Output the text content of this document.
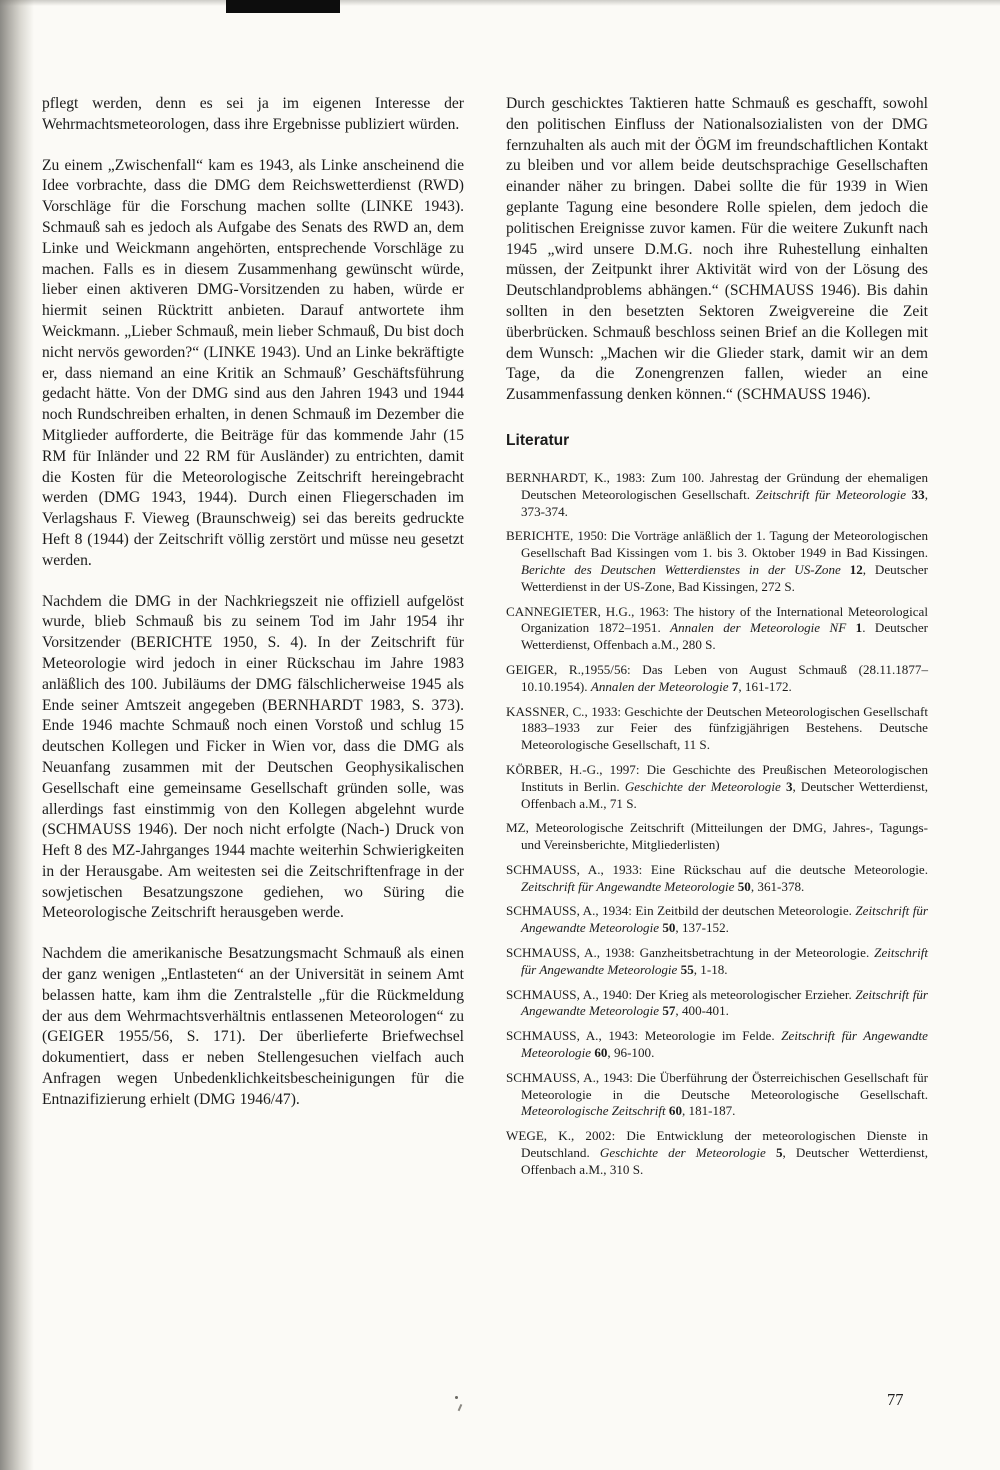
pflegt werden, denn es sei ja im eigenen Interesse der Wehrmachtsmeteorologen, dass ihre Ergebnisse publiziert würden.

Zu einem „Zwischenfall“ kam es 1943, als Linke anscheinend die Idee vorbrachte, dass die DMG dem Reichswetterdienst (RWD) Vorschläge für die Forschung machen sollte (LINKE 1943). Schmauß sah es jedoch als Aufgabe des Senats des RWD an, dem Linke und Weickmann angehörten, entsprechende Vorschläge zu machen. Falls es in diesem Zusammenhang gewünscht würde, lieber einen aktiveren DMG-Vorsitzenden zu haben, würde er hiermit seinen Rücktritt anbieten. Darauf antwortete ihm Weickmann. „Lieber Schmauß, mein lieber Schmauß, Du bist doch nicht nervös geworden?“ (LINKE 1943). Und an Linke bekräftigte er, dass niemand an eine Kritik an Schmauß’ Geschäftsführung gedacht hätte. Von der DMG sind aus den Jahren 1943 und 1944 noch Rundschreiben erhalten, in denen Schmauß im Dezember die Mitglieder aufforderte, die Beiträge für das kommende Jahr (15 RM für Inländer und 22 RM für Ausländer) zu entrichten, damit die Kosten für die Meteorologische Zeitschrift hereingebracht werden (DMG 1943, 1944). Durch einen Fliegerschaden im Verlagshaus F. Vieweg (Braunschweig) sei das bereits gedruckte Heft 8 (1944) der Zeitschrift völlig zerstört und müsse neu gesetzt werden.

Nachdem die DMG in der Nachkriegszeit nie offiziell aufgelöst wurde, blieb Schmauß bis zu seinem Tod im Jahr 1954 ihr Vorsitzender (BERICHTE 1950, S. 4). In der Zeitschrift für Meteorologie wird jedoch in einer Rückschau im Jahre 1983 anläßlich des 100. Jubiläums der DMG fälschlicherweise 1945 als Ende seiner Amtszeit angegeben (BERNHARDT 1983, S. 373). Ende 1946 machte Schmauß noch einen Vorstoß und schlug 15 deutschen Kollegen und Ficker in Wien vor, dass die DMG als Neuanfang zusammen mit der Deutschen Geophysikalischen Gesellschaft eine gemeinsame Gesellschaft gründen solle, was allerdings fast einstimmig von den Kollegen abgelehnt wurde (SCHMAUSS 1946). Der noch nicht erfolgte (Nach-) Druck von Heft 8 des MZ-Jahrganges 1944 machte weiterhin Schwierigkeiten in der Herausgabe. Am weitesten sei die Zeitschriftenfrage in der sowjetischen Besatzungszone gediehen, wo Süring die Meteorologische Zeitschrift herausgeben werde.

Nachdem die amerikanische Besatzungsmacht Schmauß als einen der ganz wenigen „Entlasteten“ an der Universität in seinem Amt belassen hatte, kam ihm die Zentralstelle „für die Rückmeldung der aus dem Wehrmachtsverhältnis entlassenen Meteorologen“ zu (GEIGER 1955/56, S. 171). Der überlieferte Briefwechsel dokumentiert, dass er neben Stellengesuchen vielfach auch Anfragen wegen Unbedenklichkeitsbescheinigungen für die Entnazifizierung erhielt (DMG 1946/47).

Durch geschicktes Taktieren hatte Schmauß es geschafft, sowohl den politischen Einfluss der Nationalsozialisten von der DMG fernzuhalten als auch mit der ÖGM im freundschaftlichen Kontakt zu bleiben und vor allem beide deutschsprachige Gesellschaften einander näher zu bringen. Dabei sollte die für 1939 in Wien geplante Tagung eine besondere Rolle spielen, dem jedoch die politischen Ereignisse zuvor kamen. Für die weitere Zukunft nach 1945 „wird unsere D.M.G. noch ihre Ruhestellung einhalten müssen, der Zeitpunkt ihrer Aktivität wird von der Lösung des Deutschlandproblems abhängen.“ (SCHMAUSS 1946). Bis dahin sollten in den besetzten Sektoren Zweigvereine die Zeit überbrücken. Schmauß beschloss seinen Brief an die Kollegen mit dem Wunsch: „Machen wir die Glieder stark, damit wir an dem Tage, da die Zonengrenzen fallen, wieder an eine Zusammenfassung denken können.“ (SCHMAUSS 1946).

Literatur

BERNHARDT, K., 1983: Zum 100. Jahrestag der Gründung der ehemaligen Deutschen Meteorologischen Gesellschaft. Zeitschrift für Meteorologie 33, 373-374.

BERICHTE, 1950: Die Vorträge anläßlich der 1. Tagung der Meteorologischen Gesellschaft Bad Kissingen vom 1. bis 3. Oktober 1949 in Bad Kissingen. Berichte des Deutschen Wetterdienstes in der US-Zone 12, Deutscher Wetterdienst in der US-Zone, Bad Kissingen, 272 S.

CANNEGIETER, H.G., 1963: The history of the International Meteorological Organization 1872–1951. Annalen der Meteorologie NF 1. Deutscher Wetterdienst, Offenbach a.M., 280 S.

GEIGER, R.,1955/56: Das Leben von August Schmauß (28.11.1877–10.10.1954). Annalen der Meteorologie 7, 161-172.

KASSNER, C., 1933: Geschichte der Deutschen Meteorologischen Gesellschaft 1883–1933 zur Feier des fünfzigjährigen Bestehens. Deutsche Meteorologische Gesellschaft, 11 S.

KÖRBER, H.-G., 1997: Die Geschichte des Preußischen Meteorologischen Instituts in Berlin. Geschichte der Meteorologie 3, Deutscher Wetterdienst, Offenbach a.M., 71 S.

MZ, Meteorologische Zeitschrift (Mitteilungen der DMG, Jahres-, Tagungs- und Vereinsberichte, Mitgliederlisten)

SCHMAUSS, A., 1933: Eine Rückschau auf die deutsche Meteorologie. Zeitschrift für Angewandte Meteorologie 50, 361-378.

SCHMAUSS, A., 1934: Ein Zeitbild der deutschen Meteorologie. Zeitschrift für Angewandte Meteorologie 50, 137-152.

SCHMAUSS, A., 1938: Ganzheitsbetrachtung in der Meteorologie. Zeitschrift für Angewandte Meteorologie 55, 1-18.

SCHMAUSS, A., 1940: Der Krieg als meteorologischer Erzieher. Zeitschrift für Angewandte Meteorologie 57, 400-401.

SCHMAUSS, A., 1943: Meteorologie im Felde. Zeitschrift für Angewandte Meteorologie 60, 96-100.

SCHMAUSS, A., 1943: Die Überführung der Österreichischen Gesellschaft für Meteorologie in die Deutsche Meteorologische Gesellschaft. Meteorologische Zeitschrift 60, 181-187.

WEGE, K., 2002: Die Entwicklung der meteorologischen Dienste in Deutschland. Geschichte der Meteorologie 5, Deutscher Wetterdienst, Offenbach a.M., 310 S.

77
